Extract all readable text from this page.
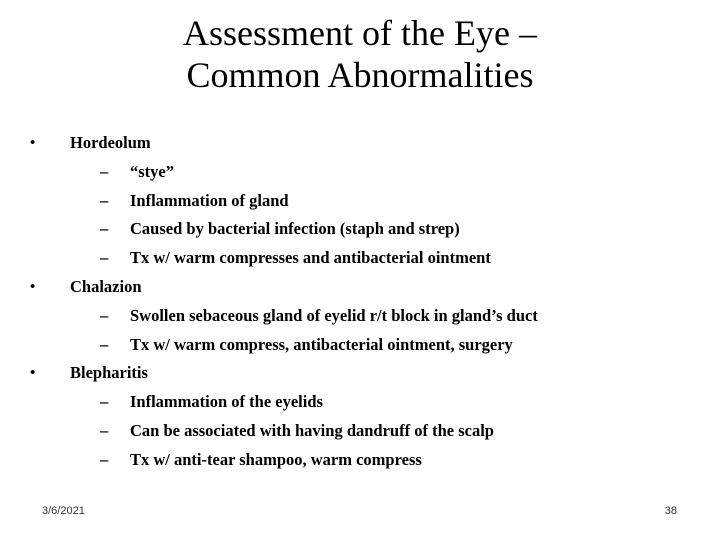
Assessment of the Eye –
Common Abnormalities
• Hordeolum
– “stye”
– Inflammation of gland
– Caused by bacterial infection (staph and strep)
– Tx w/ warm compresses and antibacterial ointment
• Chalazion
– Swollen sebaceous gland of eyelid r/t block in gland’s duct
– Tx w/ warm compress, antibacterial ointment, surgery
• Blepharitis
– Inflammation of the eyelids
– Can be associated with having dandruff of the scalp
– Tx w/ anti-tear shampoo, warm compress
3/6/2021	38
